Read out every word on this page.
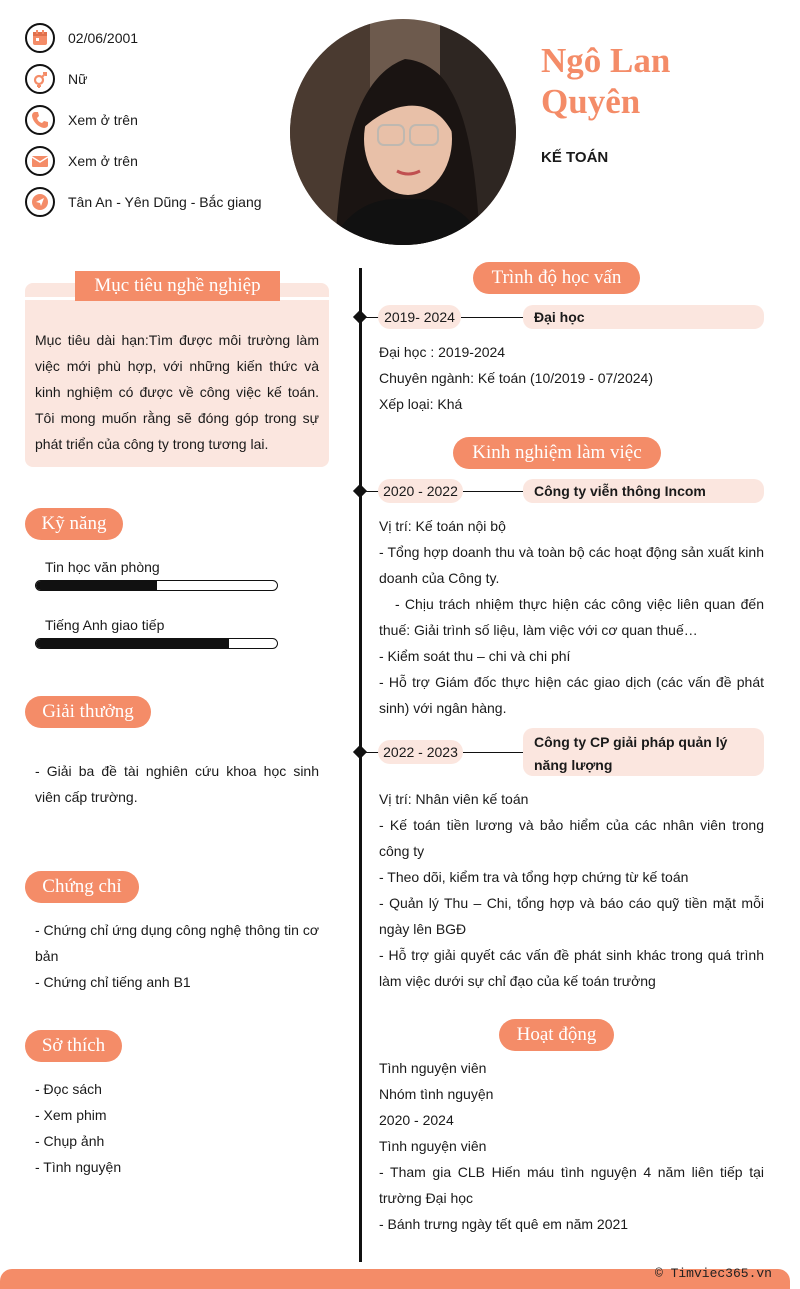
02/06/2001
Nữ
Xem ở trên
Xem ở trên
Tân An - Yên Dũng - Bắc giang
Ngô Lan
Quyên
KẾ TOÁN
Mục tiêu nghề nghiệp
Mục tiêu dài hạn:Tìm được môi trường làm việc mới phù hợp, với những kiến thức và kinh nghiệm có được về công việc kế toán. Tôi mong muốn rằng sẽ đóng góp trong sự phát triển của công ty trong tương lai.
Kỹ năng
Tin học văn phòng
Tiếng Anh giao tiếp
Giải thưởng
- Giải ba đề tài nghiên cứu khoa học sinh viên cấp trường.
Chứng chỉ
- Chứng chỉ ứng dụng công nghệ thông tin cơ bản
- Chứng chỉ tiếng anh B1
Sở thích
- Đọc sách
- Xem phim
- Chụp ảnh
- Tình nguyện
Trình độ học vấn
2019- 2024	Đại học
Đại học : 2019-2024
Chuyên ngành: Kế toán (10/2019 - 07/2024)
Xếp loại: Khá
Kinh nghiệm làm việc
2020 - 2022	Công ty viễn thông Incom
Vị trí: Kế toán nội bộ
- Tổng hợp doanh thu và toàn bộ các hoạt động sản xuất kinh doanh của Công ty.
- Chịu trách nhiệm thực hiện các công việc liên quan đến thuế: Giải trình số liệu, làm việc với cơ quan thuế…
- Kiểm soát thu – chi và chi phí
- Hỗ trợ Giám đốc thực hiện các giao dịch (các vấn đề phát sinh) với ngân hàng.
2022 - 2023
Công ty CP giải pháp quản lý năng lượng
Vị trí: Nhân viên kế toán
- Kế toán tiền lương và bảo hiểm của các nhân viên trong công ty
- Theo dõi, kiểm tra và tổng hợp chứng từ kế toán
- Quản lý Thu – Chi, tổng hợp và báo cáo quỹ tiền mặt mỗi ngày lên BGĐ
- Hỗ trợ giải quyết các vấn đề phát sinh khác trong quá trình làm việc dưới sự chỉ đạo của kế toán trưởng
Hoạt động
Tình nguyện viên
Nhóm tình nguyện
2020 - 2024
Tình nguyện viên
- Tham gia CLB Hiến máu tình nguyện 4 năm liên tiếp tại trường Đại học
- Bánh trưng ngày tết quê em năm 2021
© Timviec365.vn
